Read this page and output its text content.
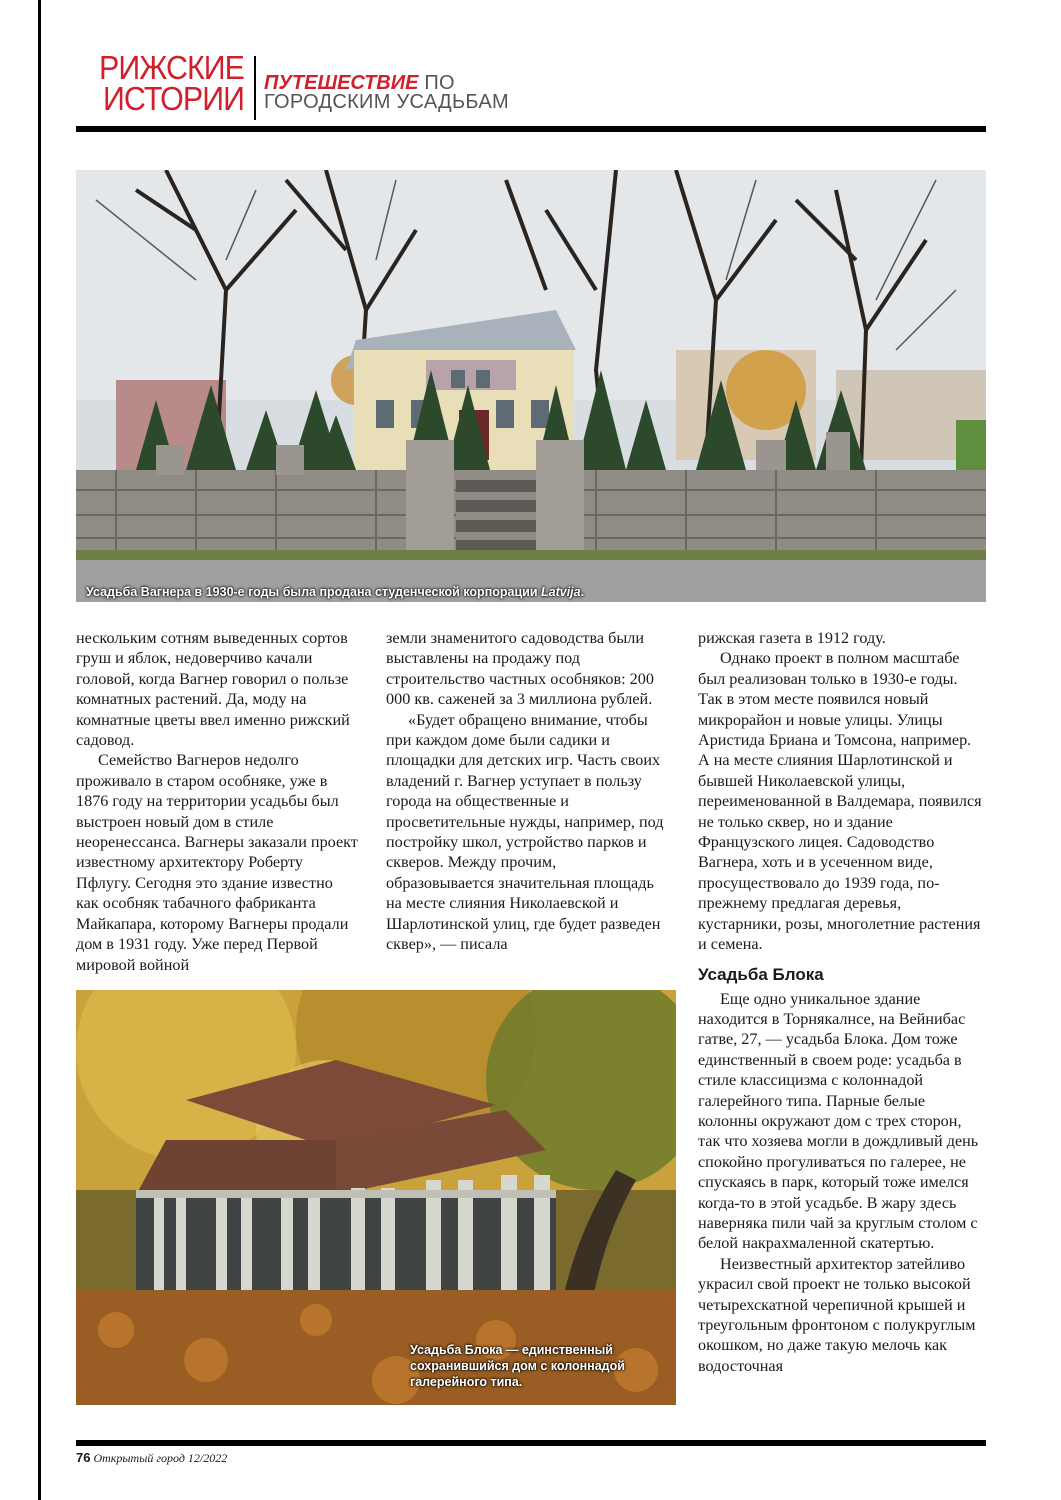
РИЖСКИЕ
ИСТОРИИ ПУТЕШЕСТВИЕ ПО
ГОРОДСКИМ УСАДЬБАМ
Усадьба Вагнера в 1930-е годы была продана студенческой корпорации Latvija.

нескольким сотням выведенных сортов груш и яблок, недоверчиво качали головой, когда Вагнер говорил о пользе комнатных растений. Да, моду на комнатные цветы ввел именно рижский садовод.

Семейство Вагнеров недолго проживало в старом особняке, уже в 1876 году на территории усадьбы был выстроен новый дом в стиле неоренессанса. Вагнеры заказали проект известному архитектору Роберту Пфлугу. Сегодня это здание известно как особняк табачного фабриканта Майкапара, которому Вагнеры продали дом в 1931 году. Уже перед Первой мировой войной

земли знаменитого садоводства были выставлены на продажу под строительство частных особняков: 200 000 кв. саженей за 3 миллиона рублей.

«Будет обращено внимание, чтобы при каждом доме были садики и площадки для детских игр. Часть своих владений г. Вагнер уступает в пользу города на общественные и просветительные нужды, например, под постройку школ, устройство парков и скверов. Между прочим, образовывается значительная площадь на месте слияния Николаевской и Шарлотинской улиц, где будет разведен сквер», — писала

рижская газета в 1912 году.

Однако проект в полном масштабе был реализован только в 1930-е годы. Так в этом месте появился новый микрорайон и новые улицы. Улицы Аристида Бриана и Томсона, например. А на месте слияния Шарлотинской и бывшей Николаевской улицы, переименованной в Валдемара, появился не только сквер, но и здание Французского лицея. Садоводство Вагнера, хоть и в усеченном виде, просуществовало до 1939 года, по-прежнему предлагая деревья, кустарники, розы, многолетние растения и семена.

Усадьба Блока

Еще одно уникальное здание находится в Торнякалнсе, на Вейнибас гатве, 27, — усадьба Блока. Дом тоже единственный в своем роде: усадьба в стиле классицизма с колоннадой галерейного типа. Парные белые колонны окружают дом с трех сторон, так что хозяева могли в дождливый день спокойно прогуливаться по галерее, не спускаясь в парк, который тоже имелся когда-то в этой усадьбе. В жару здесь наверняка пили чай за круглым столом с белой накрахмаленной скатертью.

Неизвестный архитектор затейливо украсил свой проект не только высокой четырехскатной черепичной крышей и треугольным фронтоном с полукруглым окошком, но даже такую мелочь как водосточная

Усадьба Блока — единственный
сохранившийся дом с колоннадой
галерейного типа.
76 Открытый город 12/2022
